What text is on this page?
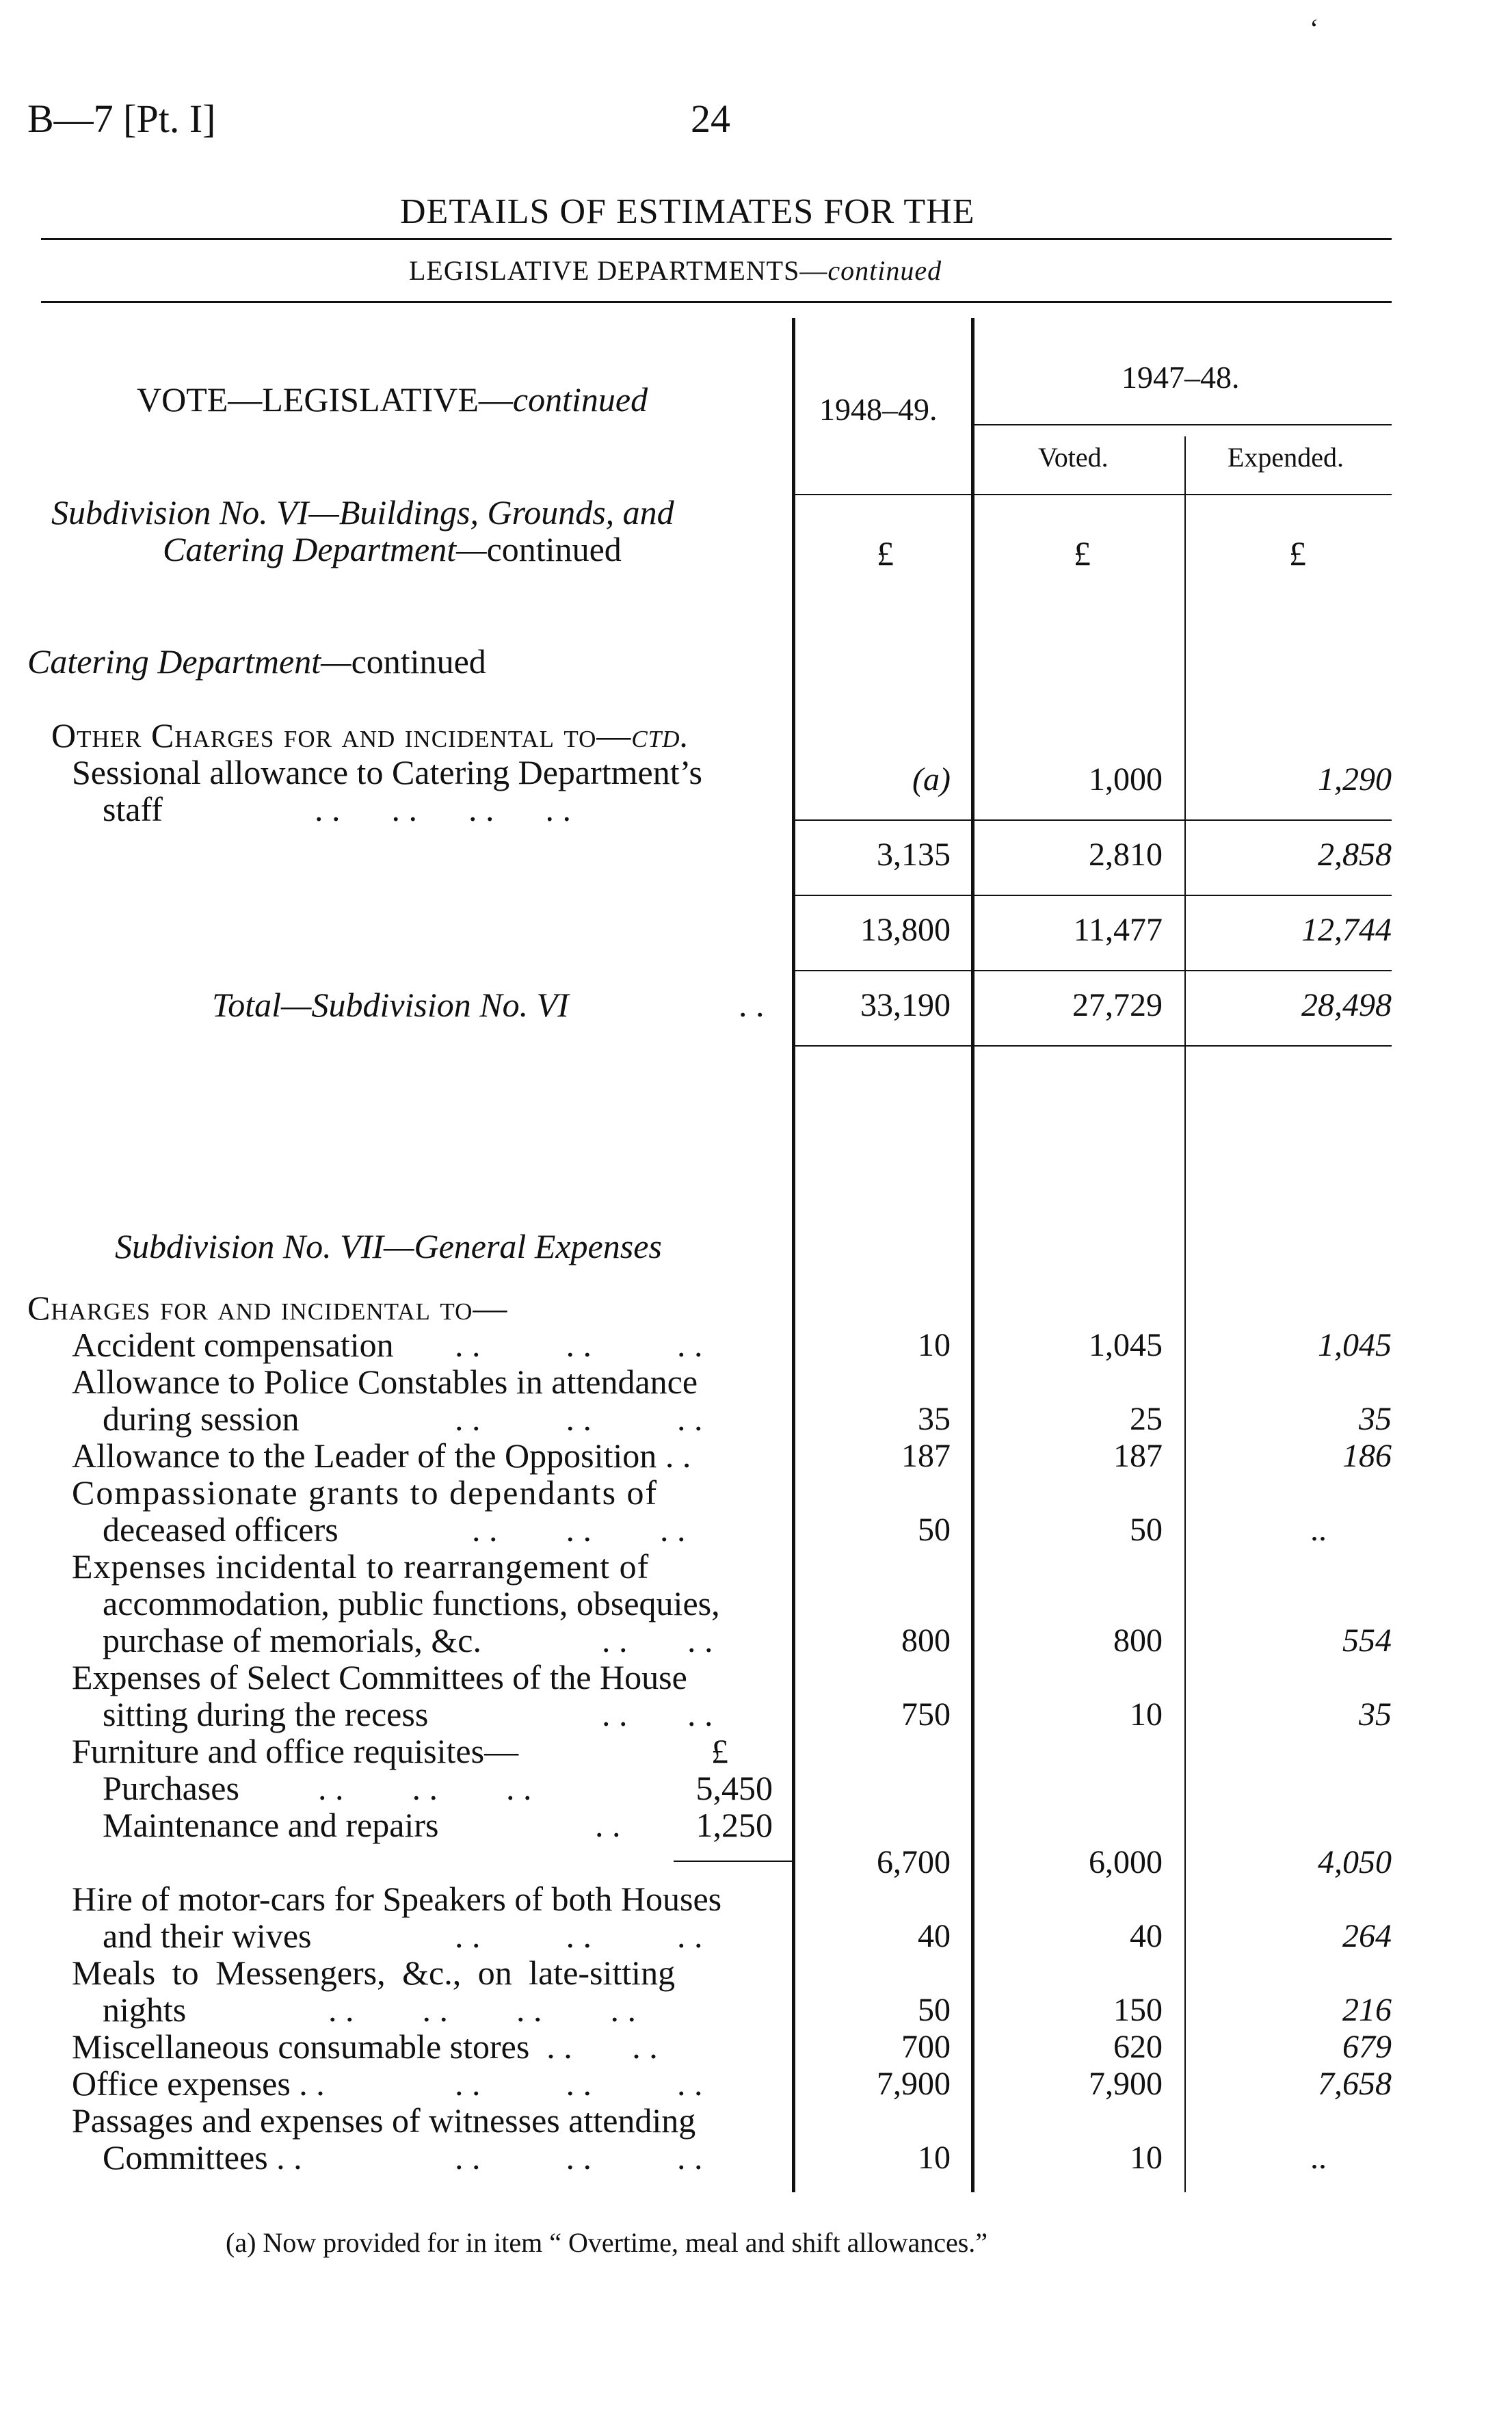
B—7 [Pt. I]	24
‘
DETAILS OF ESTIMATES FOR THE
LEGISLATIVE DEPARTMENTS—continued
VOTE—LEGISLATIVE—continued	1948–49.
1947–48.
Voted.	Expended.
Subdivision No. VI—Buildings, Grounds, and
Catering Department—continued	£	£	£
Catering Department—continued
Other Charges for and incidental to—ctd.
Sessional allowance to Catering Department’s
staff	. .      . .      . .      . .
(a)	1,000	1,290
3,135	2,810	2,858
13,800	11,477	12,744
Total—Subdivision No. VI	. .	33,190	27,729	28,498
Subdivision No. VII—General Expenses
Charges for and incidental to—
Accident compensation . .          . .          . .	10	1,045	1,045
Allowance to Police Constables in attendance
during session	. .          . .          . .	35	25	35
Allowance to the Leader of the Opposition . .	187	187	186
Compassionate grants to dependants of
deceased officers	. .        . .        . .	50	50	..
Expenses incidental to rearrangement of
accommodation, public functions, obsequies,
purchase of memorials, &c.	. .       . .	800	800	554
Expenses of Select Committees of the House
sitting during the recess	. .       . .	750	10	35
Furniture and office requisites—	£
Purchases . .        . .        . .	5,450
Maintenance and repairs	. .	1,250
6,700	6,000	4,050
Hire of motor-cars for Speakers of both Houses
and their wives	. .          . .          . .	40	40	264
Meals to Messengers, &c., on late-sitting
nights	. .        . .        . .        . .	50	150	216
Miscellaneous consumable stores  . .       . .	700	620	679
Office expenses . .	. .          . .          . .	7,900	7,900	7,658
Passages and expenses of witnesses attending
Committees . .	. .          . .          . .	10	10	..
(a) Now provided for in item “ Overtime, meal and shift allowances.”
